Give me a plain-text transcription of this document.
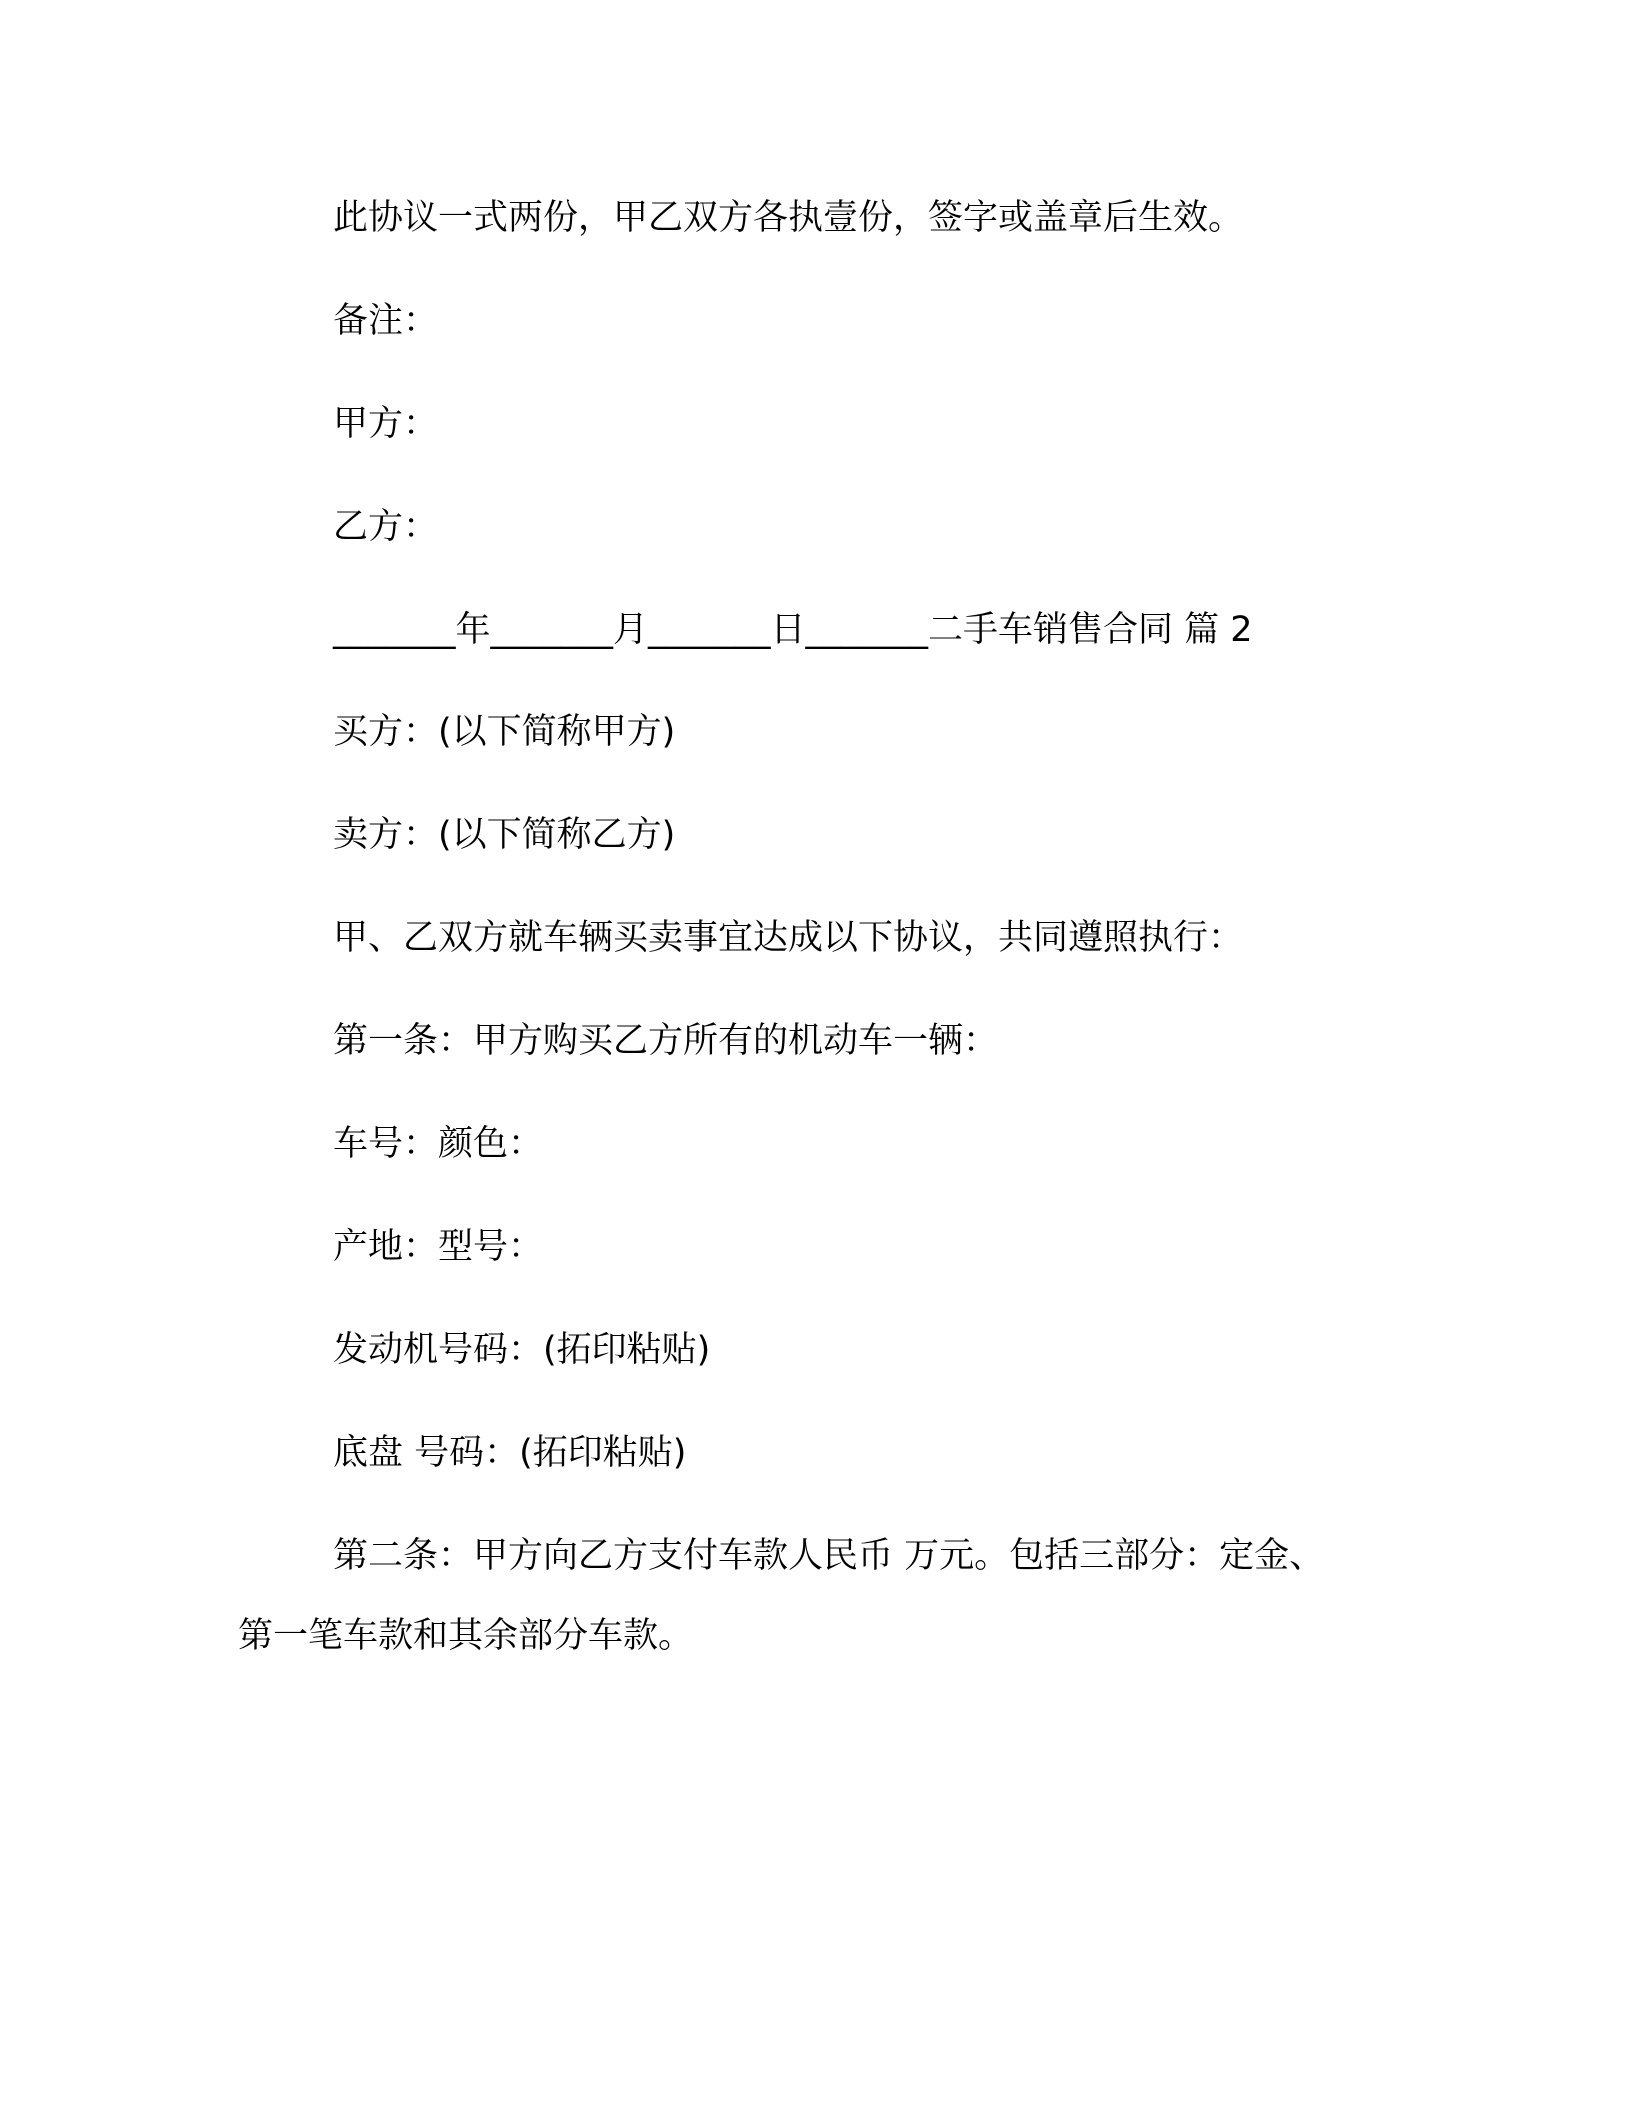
此协议一式两份，甲乙双方各执壹份，签字或盖章后生效。
备注：
甲方：
乙方：
_______年_______月_______日_______二手车销售合同 篇 2
买方：(以下简称甲方)
卖方：(以下简称乙方)
甲、乙双方就车辆买卖事宜达成以下协议，共同遵照执行：
第一条：甲方购买乙方所有的机动车一辆：
车号：颜色：
产地：型号：
发动机号码：(拓印粘贴)
底盘 号码：(拓印粘贴)
第二条：甲方向乙方支付车款人民币 万元。包括三部分：定金、
第一笔车款和其余部分车款。
